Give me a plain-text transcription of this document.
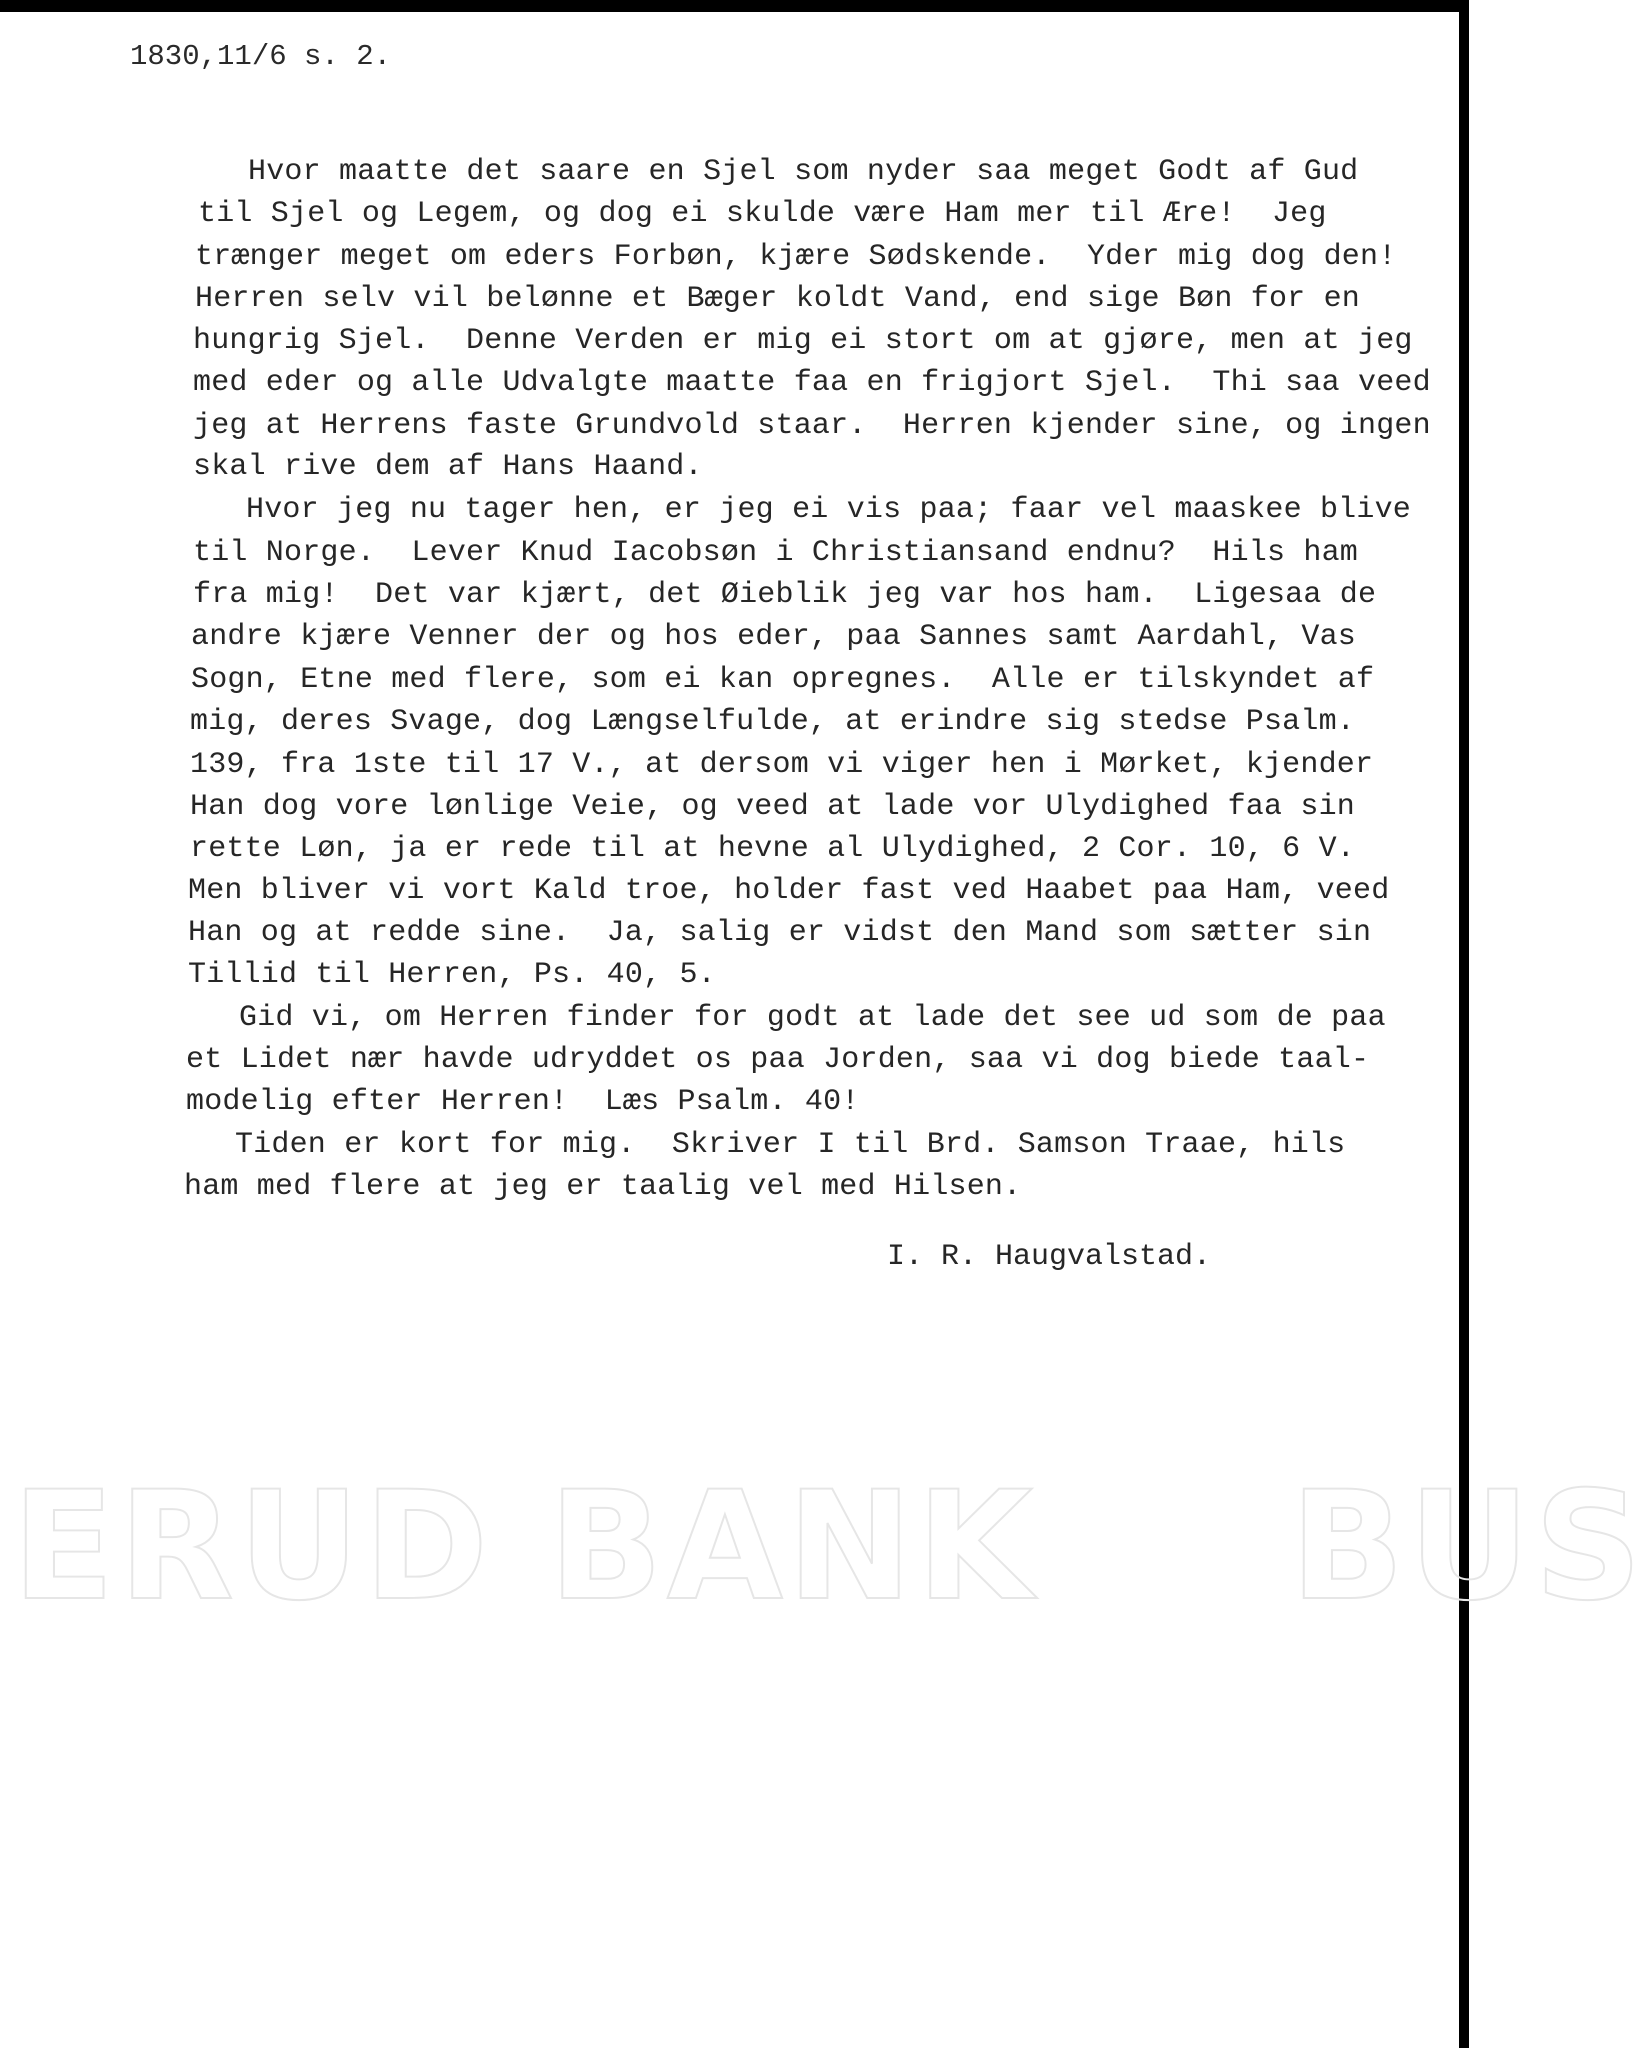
ERUD BANK BUS
1830,11/6 s. 2.
Hvor maatte det saare en Sjel som nyder saa meget Godt af Gud
til Sjel og Legem, og dog ei skulde være Ham mer til Ære!  Jeg
trænger meget om eders Forbøn, kjære Sødskende.  Yder mig dog den!
Herren selv vil belønne et Bæger koldt Vand, end sige Bøn for en
hungrig Sjel.  Denne Verden er mig ei stort om at gjøre, men at jeg
med eder og alle Udvalgte maatte faa en frigjort Sjel.  Thi saa veed
jeg at Herrens faste Grundvold staar.  Herren kjender sine, og ingen
skal rive dem af Hans Haand.
Hvor jeg nu tager hen, er jeg ei vis paa; faar vel maaskee blive
til Norge.  Lever Knud Iacobsøn i Christiansand endnu?  Hils ham
fra mig!  Det var kjært, det Øieblik jeg var hos ham.  Ligesaa de
andre kjære Venner der og hos eder, paa Sannes samt Aardahl, Vas
Sogn, Etne med flere, som ei kan opregnes.  Alle er tilskyndet af
mig, deres Svage, dog Længselfulde, at erindre sig stedse Psalm.
139, fra 1ste til 17 V., at dersom vi viger hen i Mørket, kjender
Han dog vore lønlige Veie, og veed at lade vor Ulydighed faa sin
rette Løn, ja er rede til at hevne al Ulydighed, 2 Cor. 10, 6 V.
Men bliver vi vort Kald troe, holder fast ved Haabet paa Ham, veed
Han og at redde sine.  Ja, salig er vidst den Mand som sætter sin
Tillid til Herren, Ps. 40, 5.
Gid vi, om Herren finder for godt at lade det see ud som de paa
et Lidet nær havde udryddet os paa Jorden, saa vi dog biede taal-
modelig efter Herren!  Læs Psalm. 40!
Tiden er kort for mig.  Skriver I til Brd. Samson Traae, hils
ham med flere at jeg er taalig vel med Hilsen.
I. R. Haugvalstad.
